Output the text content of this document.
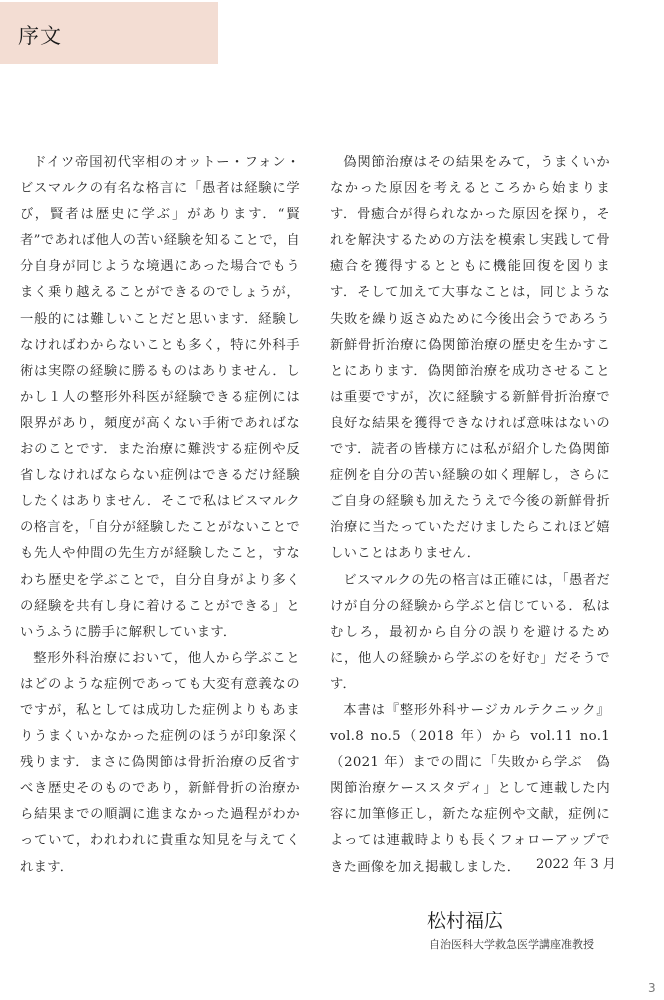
序文

ドイツ帝国初代宰相のオットー・フォン・ビスマルクの有名な格言に「愚者は経験に学び，賢者は歴史に学ぶ」があります．“賢者”であれば他人の苦い経験を知ることで，自分自身が同じような境遇にあった場合でもうまく乗り越えることができるのでしょうが，一般的には難しいことだと思います．経験しなければわからないことも多く，特に外科手術は実際の経験に勝るものはありません．しかし１人の整形外科医が経験できる症例には限界があり，頻度が高くない手術であればなおのことです．また治療に難渋する症例や反省しなければならない症例はできるだけ経験したくはありません．そこで私はビスマルクの格言を，「自分が経験したことがないことでも先人や仲間の先生方が経験したこと，すなわち歴史を学ぶことで，自分自身がより多くの経験を共有し身に着けることができる」というふうに勝手に解釈しています．

整形外科治療において，他人から学ぶことはどのような症例であっても大変有意義なのですが，私としては成功した症例よりもあまりうまくいかなかった症例のほうが印象深く残ります．まさに偽関節は骨折治療の反省すべき歴史そのものであり，新鮮骨折の治療から結果までの順調に進まなかった過程がわかっていて，われわれに貴重な知見を与えてくれます．

偽関節治療はその結果をみて，うまくいかなかった原因を考えるところから始まります．骨癒合が得られなかった原因を探り，それを解決するための方法を模索し実践して骨癒合を獲得するとともに機能回復を図ります．そして加えて大事なことは，同じような失敗を繰り返さぬために今後出会うであろう新鮮骨折治療に偽関節治療の歴史を生かすことにあります．偽関節治療を成功させることは重要ですが，次に経験する新鮮骨折治療で良好な結果を獲得できなければ意味はないのです．読者の皆様方には私が紹介した偽関節症例を自分の苦い経験の如く理解し，さらにご自身の経験も加えたうえで今後の新鮮骨折治療に当たっていただけましたらこれほど嬉しいことはありません．

ビスマルクの先の格言は正確には，「愚者だけが自分の経験から学ぶと信じている．私はむしろ，最初から自分の誤りを避けるために，他人の経験から学ぶのを好む」だそうです．

本書は『整形外科サージカルテクニック』vol.8 no.5（2018 年）から vol.11 no.1（2021 年）までの間に「失敗から学ぶ　偽関節治療ケーススタディ」として連載した内容に加筆修正し，新たな症例や文献，症例によっては連載時よりも長くフォローアップできた画像を加え掲載しました．	2022 年 3 月
松村福広
自治医科大学救急医学講座准教授
3
